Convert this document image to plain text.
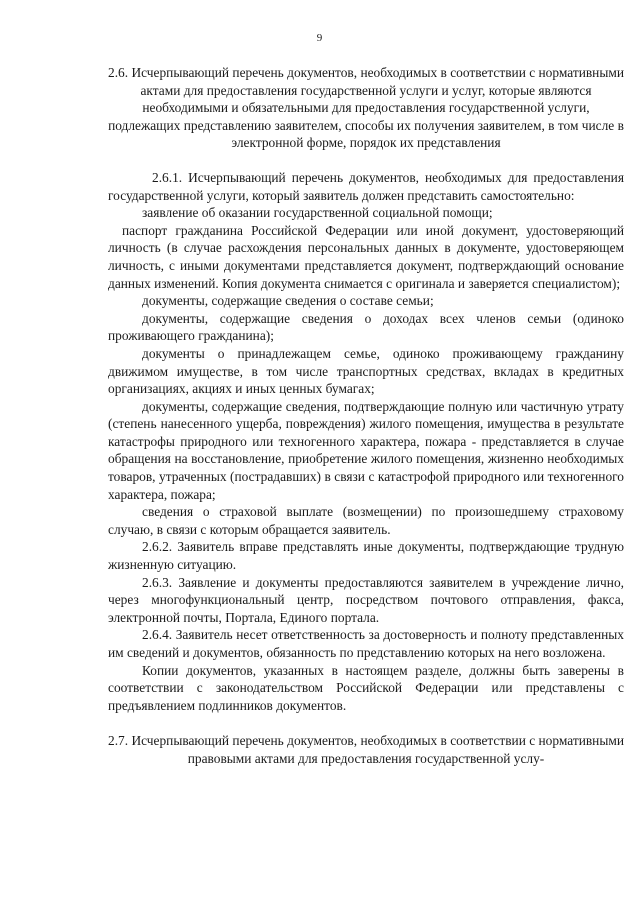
9

2.6. Исчерпывающий перечень документов, необходимых в соответствии с нормативными актами для предоставления государственной услуги и услуг, которые являются необходимыми и обязательными для предоставления государственной услуги, подлежащих представлению заявителем, способы их получения заявителем, в том числе в электронной форме, порядок их представления

2.6.1. Исчерпывающий перечень документов, необходимых для предоставления государственной услуги, который заявитель должен представить самостоятельно:

заявление об оказании государственной социальной помощи;

паспорт гражданина Российской Федерации или иной документ, удостоверяющий личность (в случае расхождения персональных данных в документе, удостоверяющем личность, с иными документами представляется документ, подтверждающий основание данных изменений. Копия документа снимается с оригинала и заверяется специалистом);

документы, содержащие сведения о составе семьи;

документы, содержащие сведения о доходах всех членов семьи (одиноко проживающего гражданина);

документы о принадлежащем семье, одиноко проживающему гражданину движимом имуществе, в том числе транспортных средствах, вкладах в кредитных организациях, акциях и иных ценных бумагах;

документы, содержащие сведения, подтверждающие полную или частичную утрату (степень нанесенного ущерба, повреждения) жилого помещения, имущества в результате катастрофы природного или техногенного характера, пожара - представляется в случае обращения на восстановление, приобретение жилого помещения, жизненно необходимых товаров, утраченных (пострадавших) в связи с катастрофой природного или техногенного характера, пожара;

сведения о страховой выплате (возмещении) по произошедшему страховому случаю, в связи с которым обращается заявитель.

2.6.2. Заявитель вправе представлять иные документы, подтверждающие трудную жизненную ситуацию.

2.6.3. Заявление и документы предоставляются заявителем в учреждение лично, через многофункциональный центр, посредством почтового отправления, факса, электронной почты, Портала, Единого портала.

2.6.4. Заявитель несет ответственность за достоверность и полноту представленных им сведений и документов, обязанность по представлению которых на него возложена.

Копии документов, указанных в настоящем разделе, должны быть заверены в соответствии с законодательством Российской Федерации или представлены с предъявлением подлинников документов.

2.7. Исчерпывающий перечень документов, необходимых в соответствии с нормативными правовыми актами для предоставления государственной услу-
